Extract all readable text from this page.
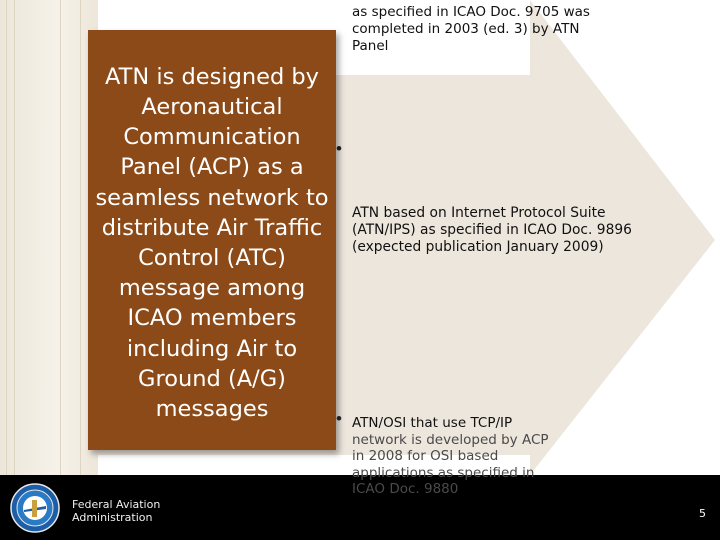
as specified in ICAO Doc. 9705 was completed in 2003 (ed. 3) by ATN Panel
•
ATN based on Internet Protocol Suite (ATN/IPS) as specified in ICAO Doc. 9896 (expected publication January 2009)
ATN is designed by Aeronautical Communication Panel (ACP) as a seamless network to distribute Air Traffic Control (ATC) message among ICAO members including Air to Ground (A/G) messages
Federal Aviation
Administration	5
• ATN/OSI that use TCP/IP
network is developed by ACP in 2008 for OSI based applications as specified in ICAO Doc. 9880
